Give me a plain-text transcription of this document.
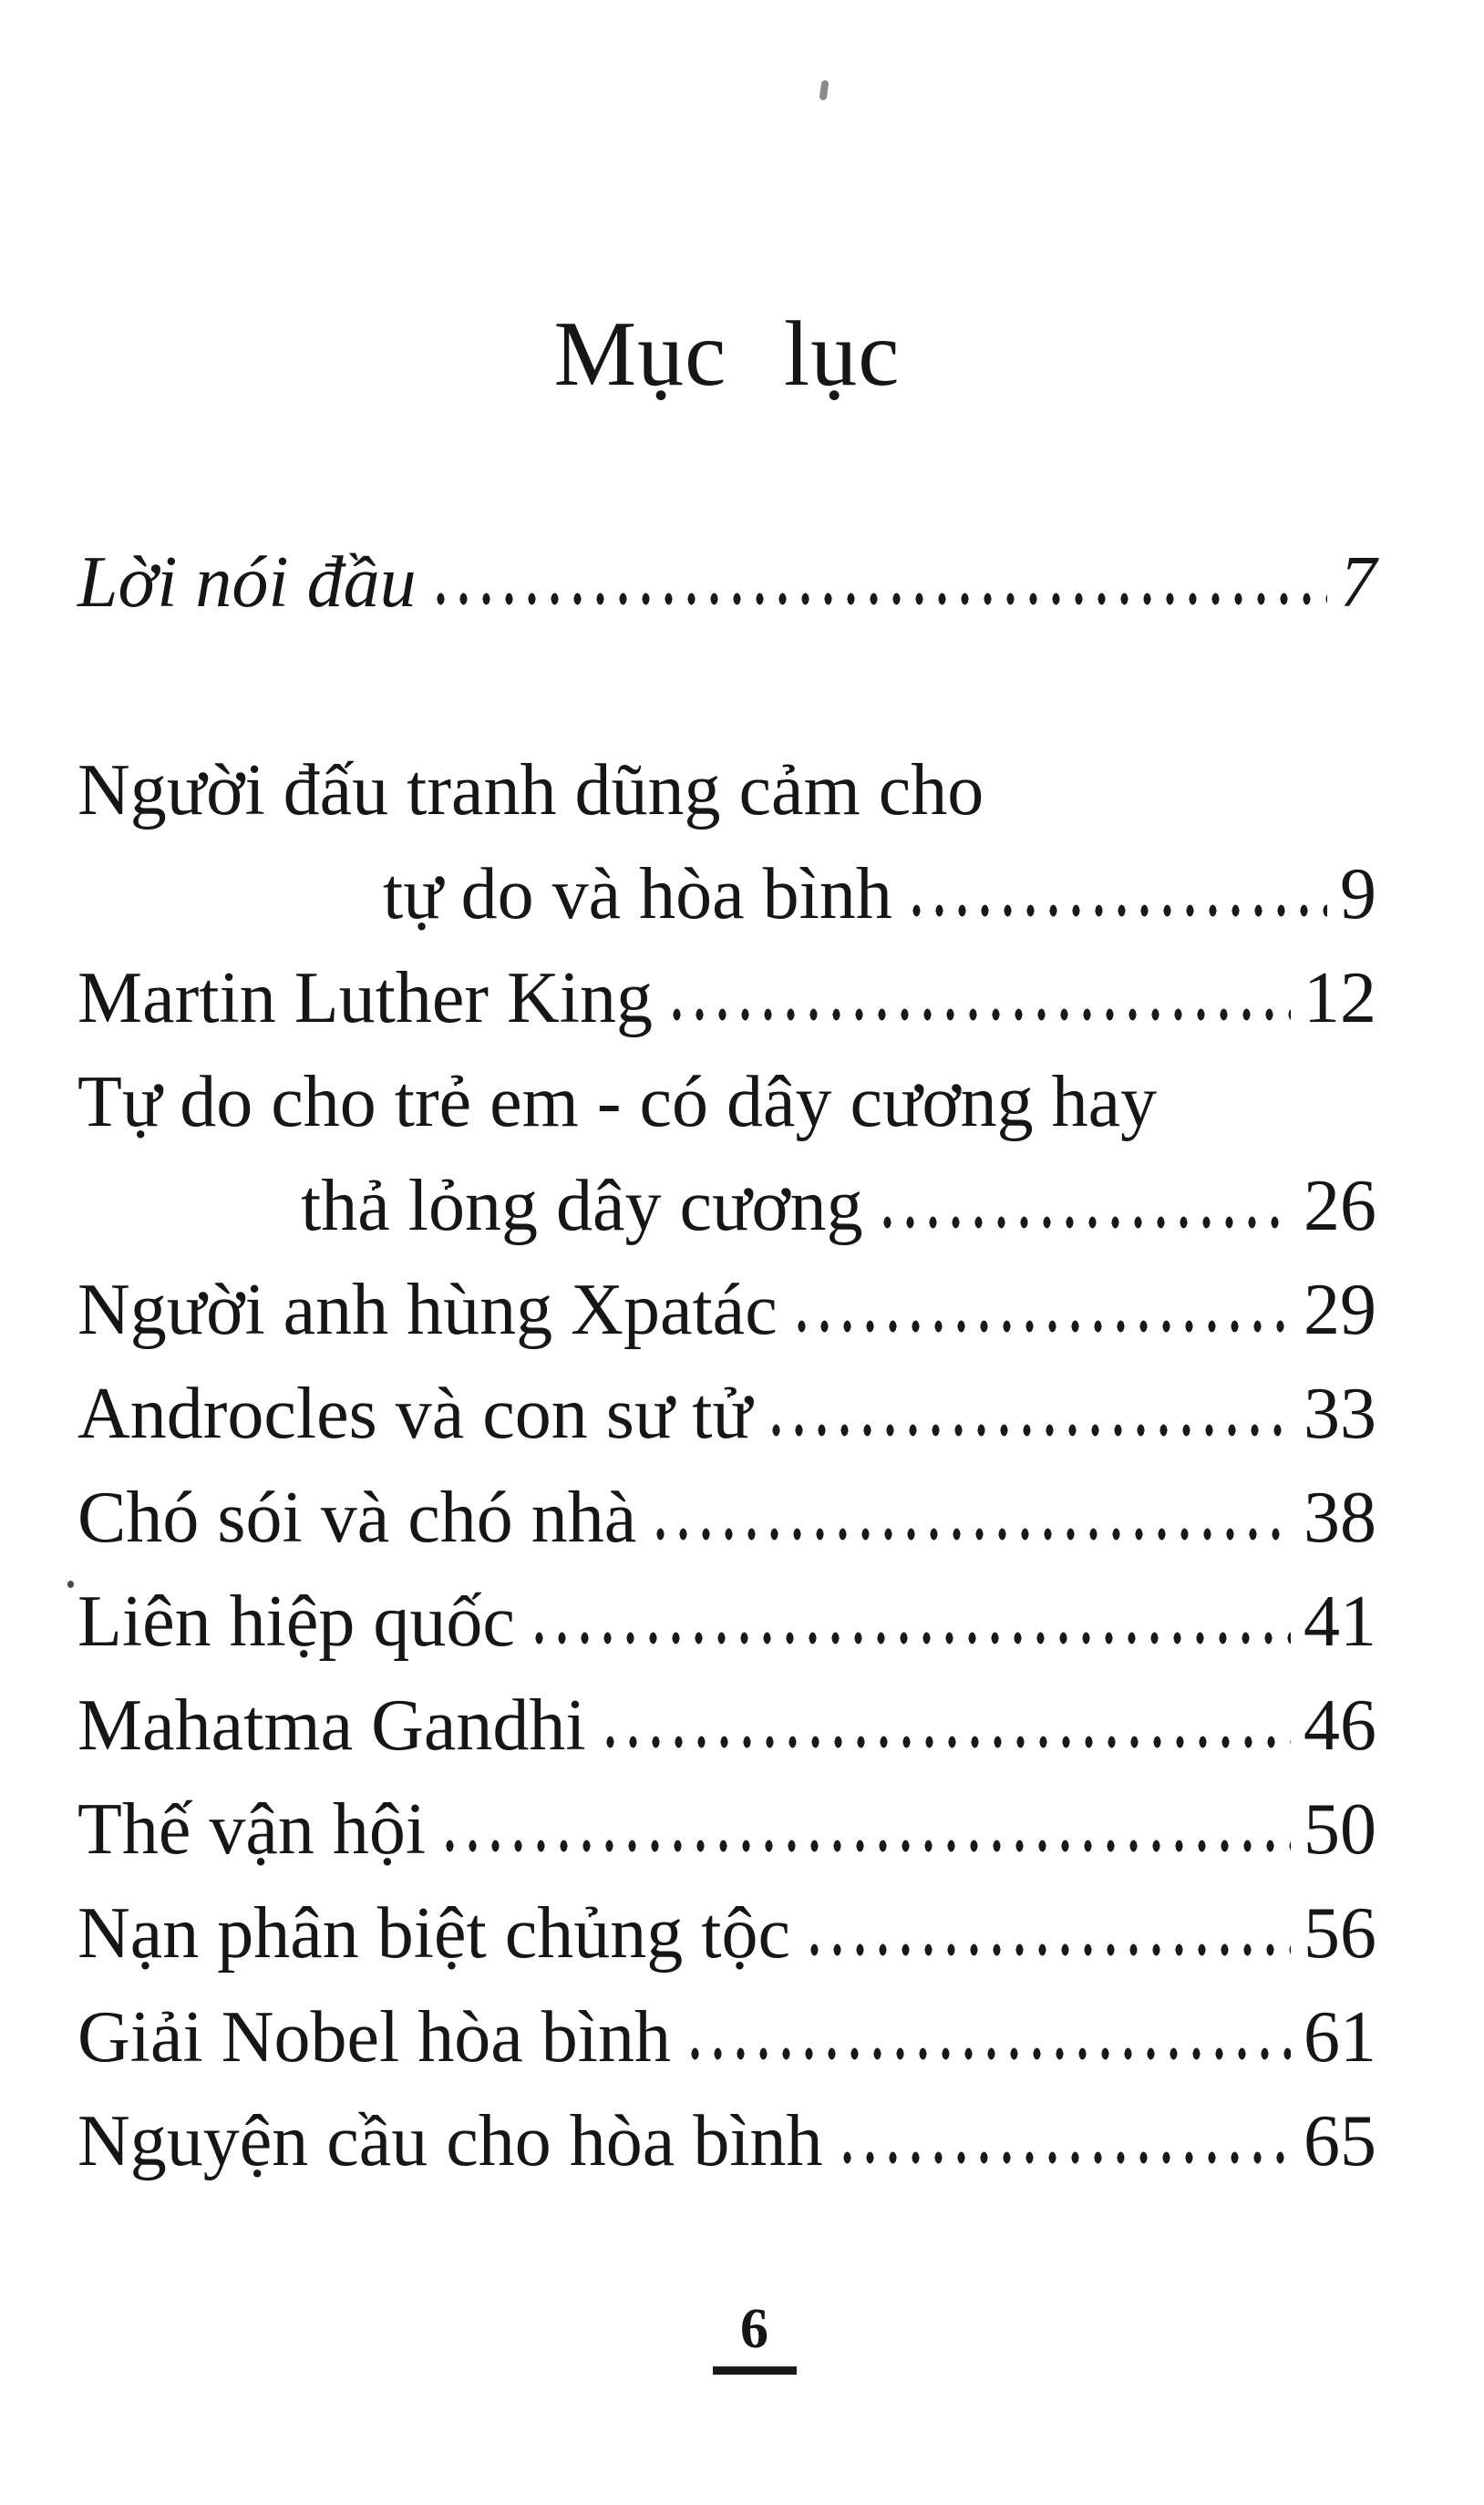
Mục lục
Lời nói đầu	7
Người đấu tranh dũng cảm cho
tự do và hòa bình	9
Martin Luther King	12
Tự do cho trẻ em - có dây cương hay
thả lỏng dây cương	26
Người anh hùng Xpatác	29
Androcles và con sư tử	33
Chó sói và chó nhà	38
Liên hiệp quốc	41
Mahatma Gandhi	46
Thế vận hội	50
Nạn phân biệt chủng tộc	56
Giải Nobel hòa bình	61
Nguyện cầu cho hòa bình	65
6
